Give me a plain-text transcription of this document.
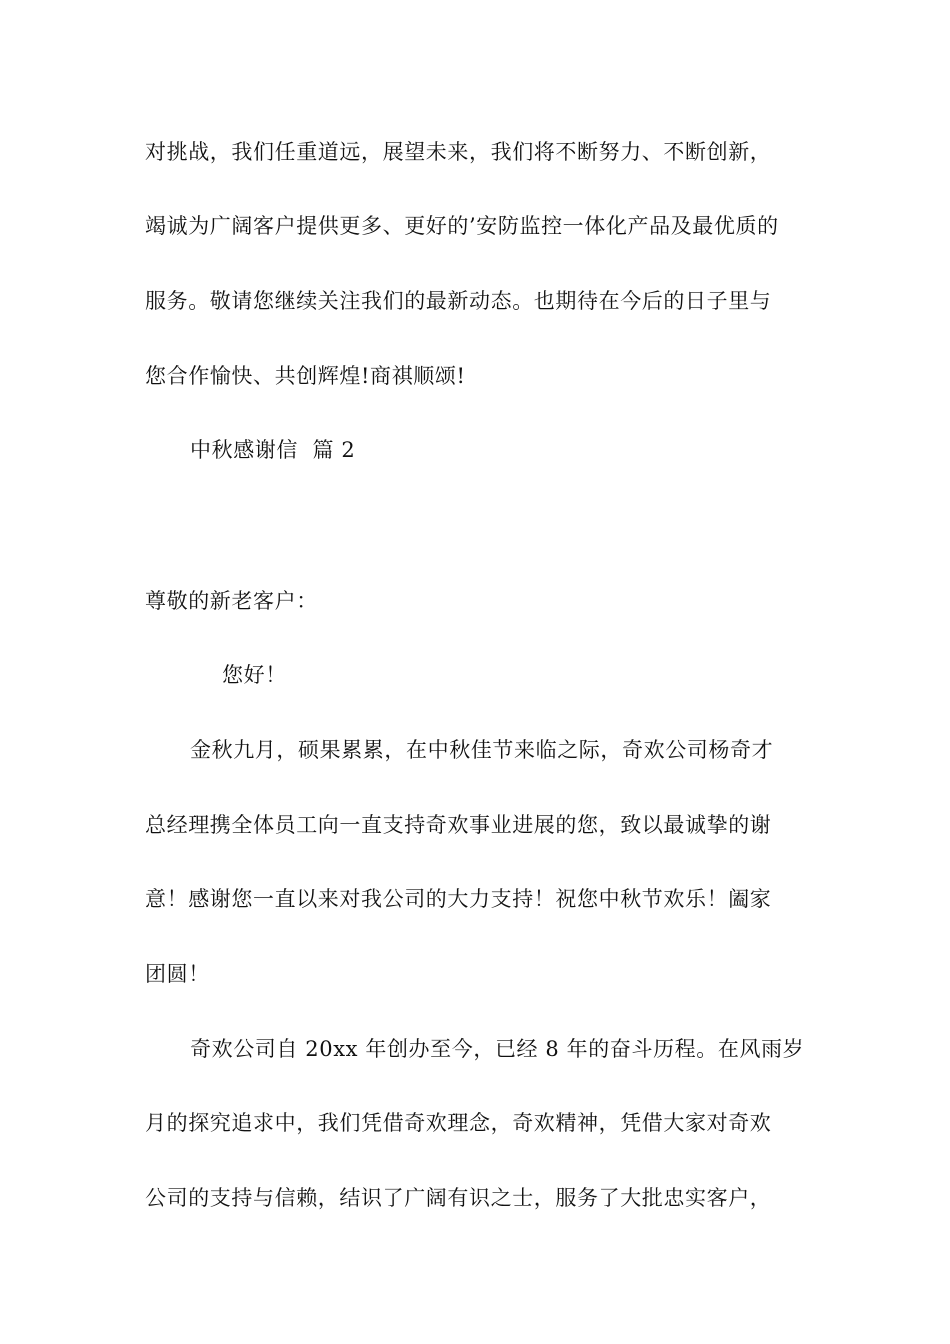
对挑战，我们任重道远，展望未来，我们将不断努力、不断创新，
竭诚为广阔客户提供更多、更好的’安防监控一体化产品及最优质的
服务。敬请您继续关注我们的最新动态。也期待在今后的日子里与
您合作愉快、共创辉煌!商祺顺颂!
中秋感谢信  篇 2
尊敬的新老客户：
您好！
金秋九月，硕果累累，在中秋佳节来临之际，奇欢公司杨奇才
总经理携全体员工向一直支持奇欢事业进展的您，致以最诚挚的谢
意！感谢您一直以来对我公司的大力支持！祝您中秋节欢乐！阖家
团圆！
奇欢公司自 20xx 年创办至今，已经 8 年的奋斗历程。在风雨岁
月的探究追求中，我们凭借奇欢理念，奇欢精神，凭借大家对奇欢
公司的支持与信赖，结识了广阔有识之士，服务了大批忠实客户，
